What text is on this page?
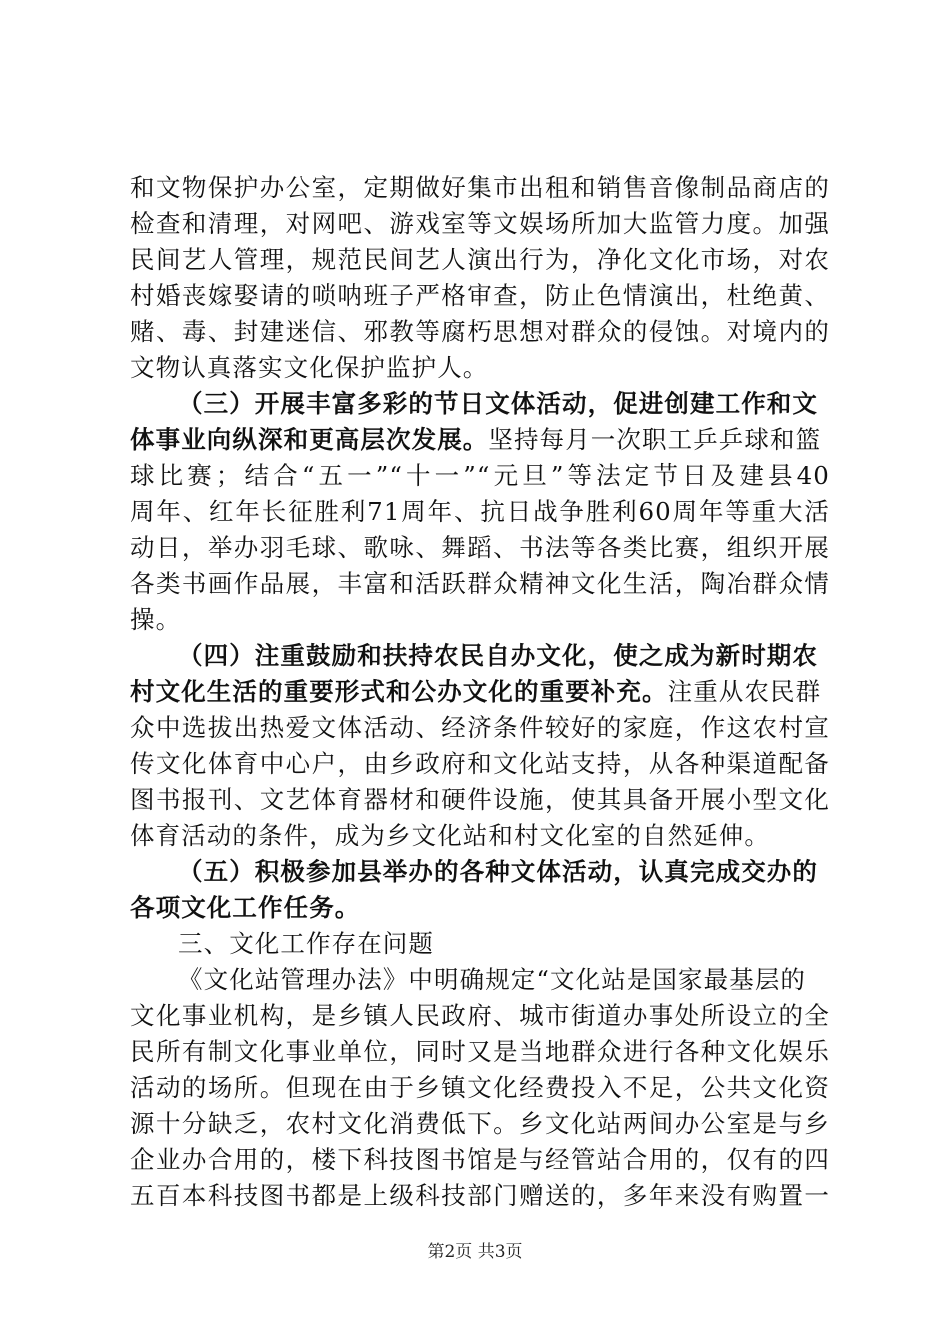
和文物保护办公室，定期做好集市出租和销售音像制品商店的
检查和清理，对网吧、游戏室等文娱场所加大监管力度。加强
民间艺人管理，规范民间艺人演出行为，净化文化市场，对农
村婚丧嫁娶请的唢呐班子严格审查，防止色情演出，杜绝黄、
赌、毒、封建迷信、邪教等腐朽思想对群众的侵蚀。对境内的
文物认真落实文化保护监护人。
（三）开展丰富多彩的节日文体活动，促进创建工作和文
体事业向纵深和更高层次发展。坚持每月一次职工乒乒球和篮
球比赛；结合“五一”“十一”“元旦”等法定节日及建县40
周年、红年长征胜利71周年、抗日战争胜利60周年等重大活
动日，举办羽毛球、歌咏、舞蹈、书法等各类比赛，组织开展
各类书画作品展，丰富和活跃群众精神文化生活，陶冶群众情
操。
（四）注重鼓励和扶持农民自办文化，使之成为新时期农
村文化生活的重要形式和公办文化的重要补充。注重从农民群
众中选拔出热爱文体活动、经济条件较好的家庭，作这农村宣
传文化体育中心户，由乡政府和文化站支持，从各种渠道配备
图书报刊、文艺体育器材和硬件设施，使其具备开展小型文化
体育活动的条件，成为乡文化站和村文化室的自然延伸。
（五）积极参加县举办的各种文体活动，认真完成交办的
各项文化工作任务。
三、文化工作存在问题
《文化站管理办法》中明确规定“文化站是国家最基层的
文化事业机构，是乡镇人民政府、城市街道办事处所设立的全
民所有制文化事业单位，同时又是当地群众进行各种文化娱乐
活动的场所。但现在由于乡镇文化经费投入不足，公共文化资
源十分缺乏，农村文化消费低下。乡文化站两间办公室是与乡
企业办合用的，楼下科技图书馆是与经管站合用的，仅有的四
五百本科技图书都是上级科技部门赠送的，多年来没有购置一
第2页 共3页
